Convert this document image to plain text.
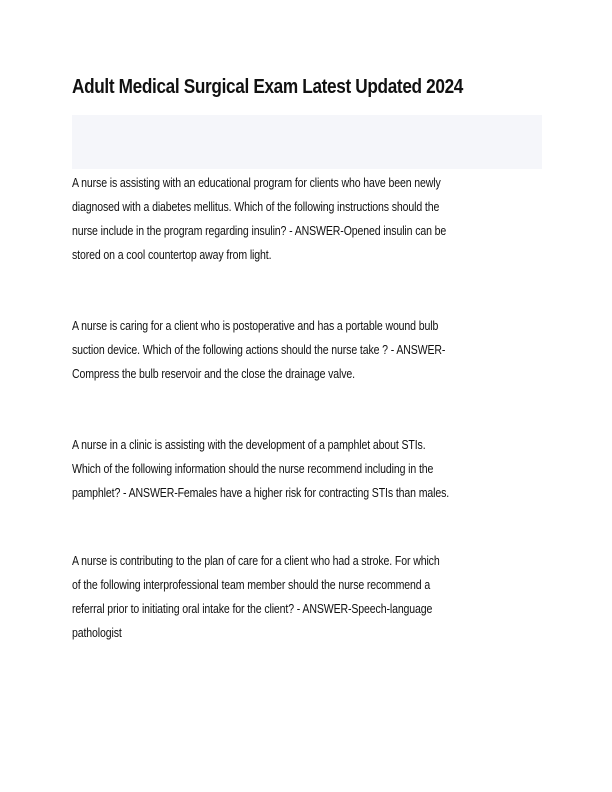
Adult Medical Surgical Exam Latest Updated 2024
A nurse is assisting with an educational program for clients who have been newly
diagnosed with a diabetes mellitus. Which of the following instructions should the
nurse include in the program regarding insulin? - ANSWER-Opened insulin can be
stored on a cool countertop away from light.
A nurse is caring for a client who is postoperative and has a portable wound bulb
suction device. Which of the following actions should the nurse take ? - ANSWER-
Compress the bulb reservoir and the close the drainage valve.
A nurse in a clinic is assisting with the development of a pamphlet about STIs.
Which of the following information should the nurse recommend including in the
pamphlet? - ANSWER-Females have a higher risk for contracting STIs than males.
A nurse is contributing to the plan of care for a client who had a stroke. For which
of the following interprofessional team member should the nurse recommend a
referral prior to initiating oral intake for the client? - ANSWER-Speech-language
pathologist
